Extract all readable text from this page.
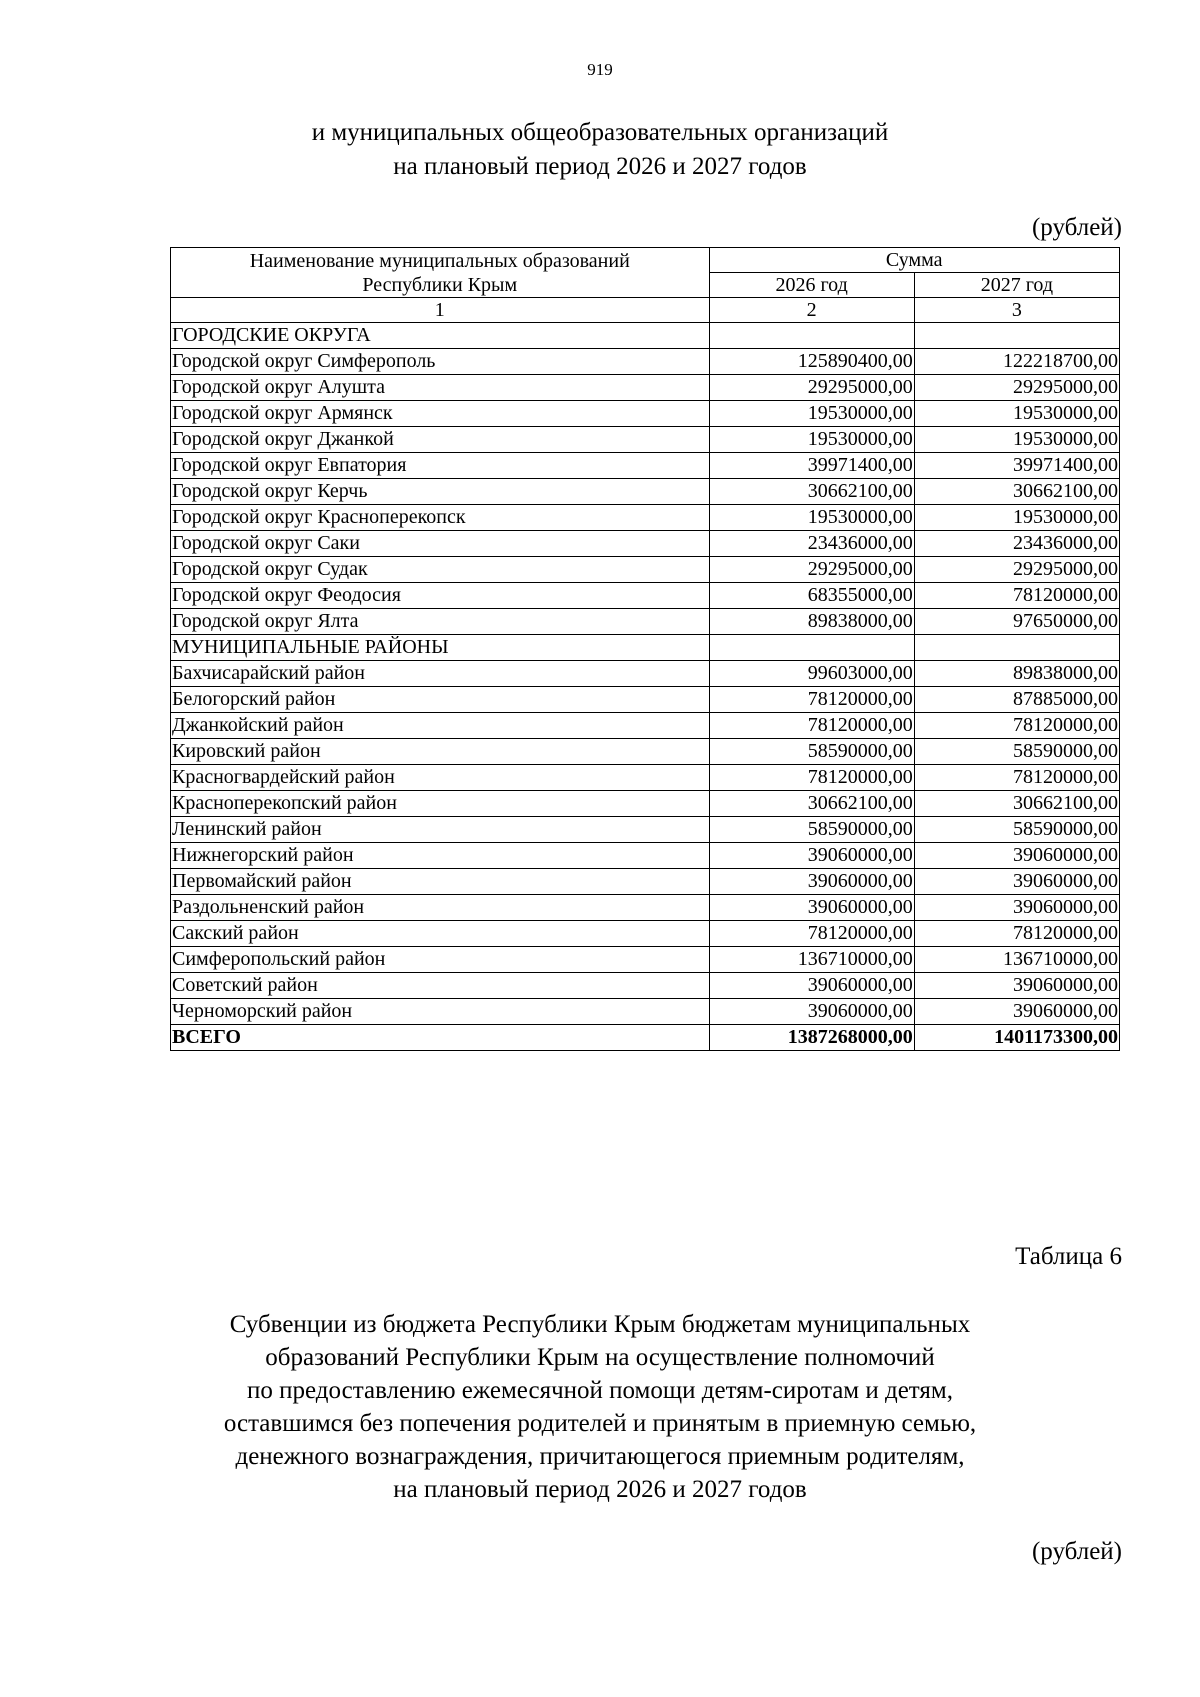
919
и муниципальных общеобразовательных организаций
на плановый период 2026 и 2027 годов
(рублей)
Наименование муниципальных образований
Республики Крым	Сумма	
	2026 год	2027 год
1	2	3
ГОРОДСКИЕ ОКРУГА		
Городской округ Симферополь	125890400,00	122218700,00
Городской округ Алушта	29295000,00	29295000,00
Городской округ Армянск	19530000,00	19530000,00
Городской округ Джанкой	19530000,00	19530000,00
Городской округ Евпатория	39971400,00	39971400,00
Городской округ Керчь	30662100,00	30662100,00
Городской округ Красноперекопск	19530000,00	19530000,00
Городской округ Саки	23436000,00	23436000,00
Городской округ Судак	29295000,00	29295000,00
Городской округ Феодосия	68355000,00	78120000,00
Городской округ Ялта	89838000,00	97650000,00
МУНИЦИПАЛЬНЫЕ РАЙОНЫ		
Бахчисарайский район	99603000,00	89838000,00
Белогорский район	78120000,00	87885000,00
Джанкойский район	78120000,00	78120000,00
Кировский район	58590000,00	58590000,00
Красногвардейский район	78120000,00	78120000,00
Красноперекопский район	30662100,00	30662100,00
Ленинский район	58590000,00	58590000,00
Нижнегорский район	39060000,00	39060000,00
Первомайский район	39060000,00	39060000,00
Раздольненский район	39060000,00	39060000,00
Сакский район	78120000,00	78120000,00
Симферопольский район	136710000,00	136710000,00
Советский район	39060000,00	39060000,00
Черноморский район	39060000,00	39060000,00
ВСЕГО	1387268000,00	1401173300,00
Таблица 6
Субвенции из бюджета Республики Крым бюджетам муниципальных
образований Республики Крым на осуществление полномочий
по предоставлению ежемесячной помощи детям-сиротам и детям,
оставшимся без попечения родителей и принятым в приемную семью,
денежного вознаграждения, причитающегося приемным родителям,
на плановый период 2026 и 2027 годов
(рублей)
